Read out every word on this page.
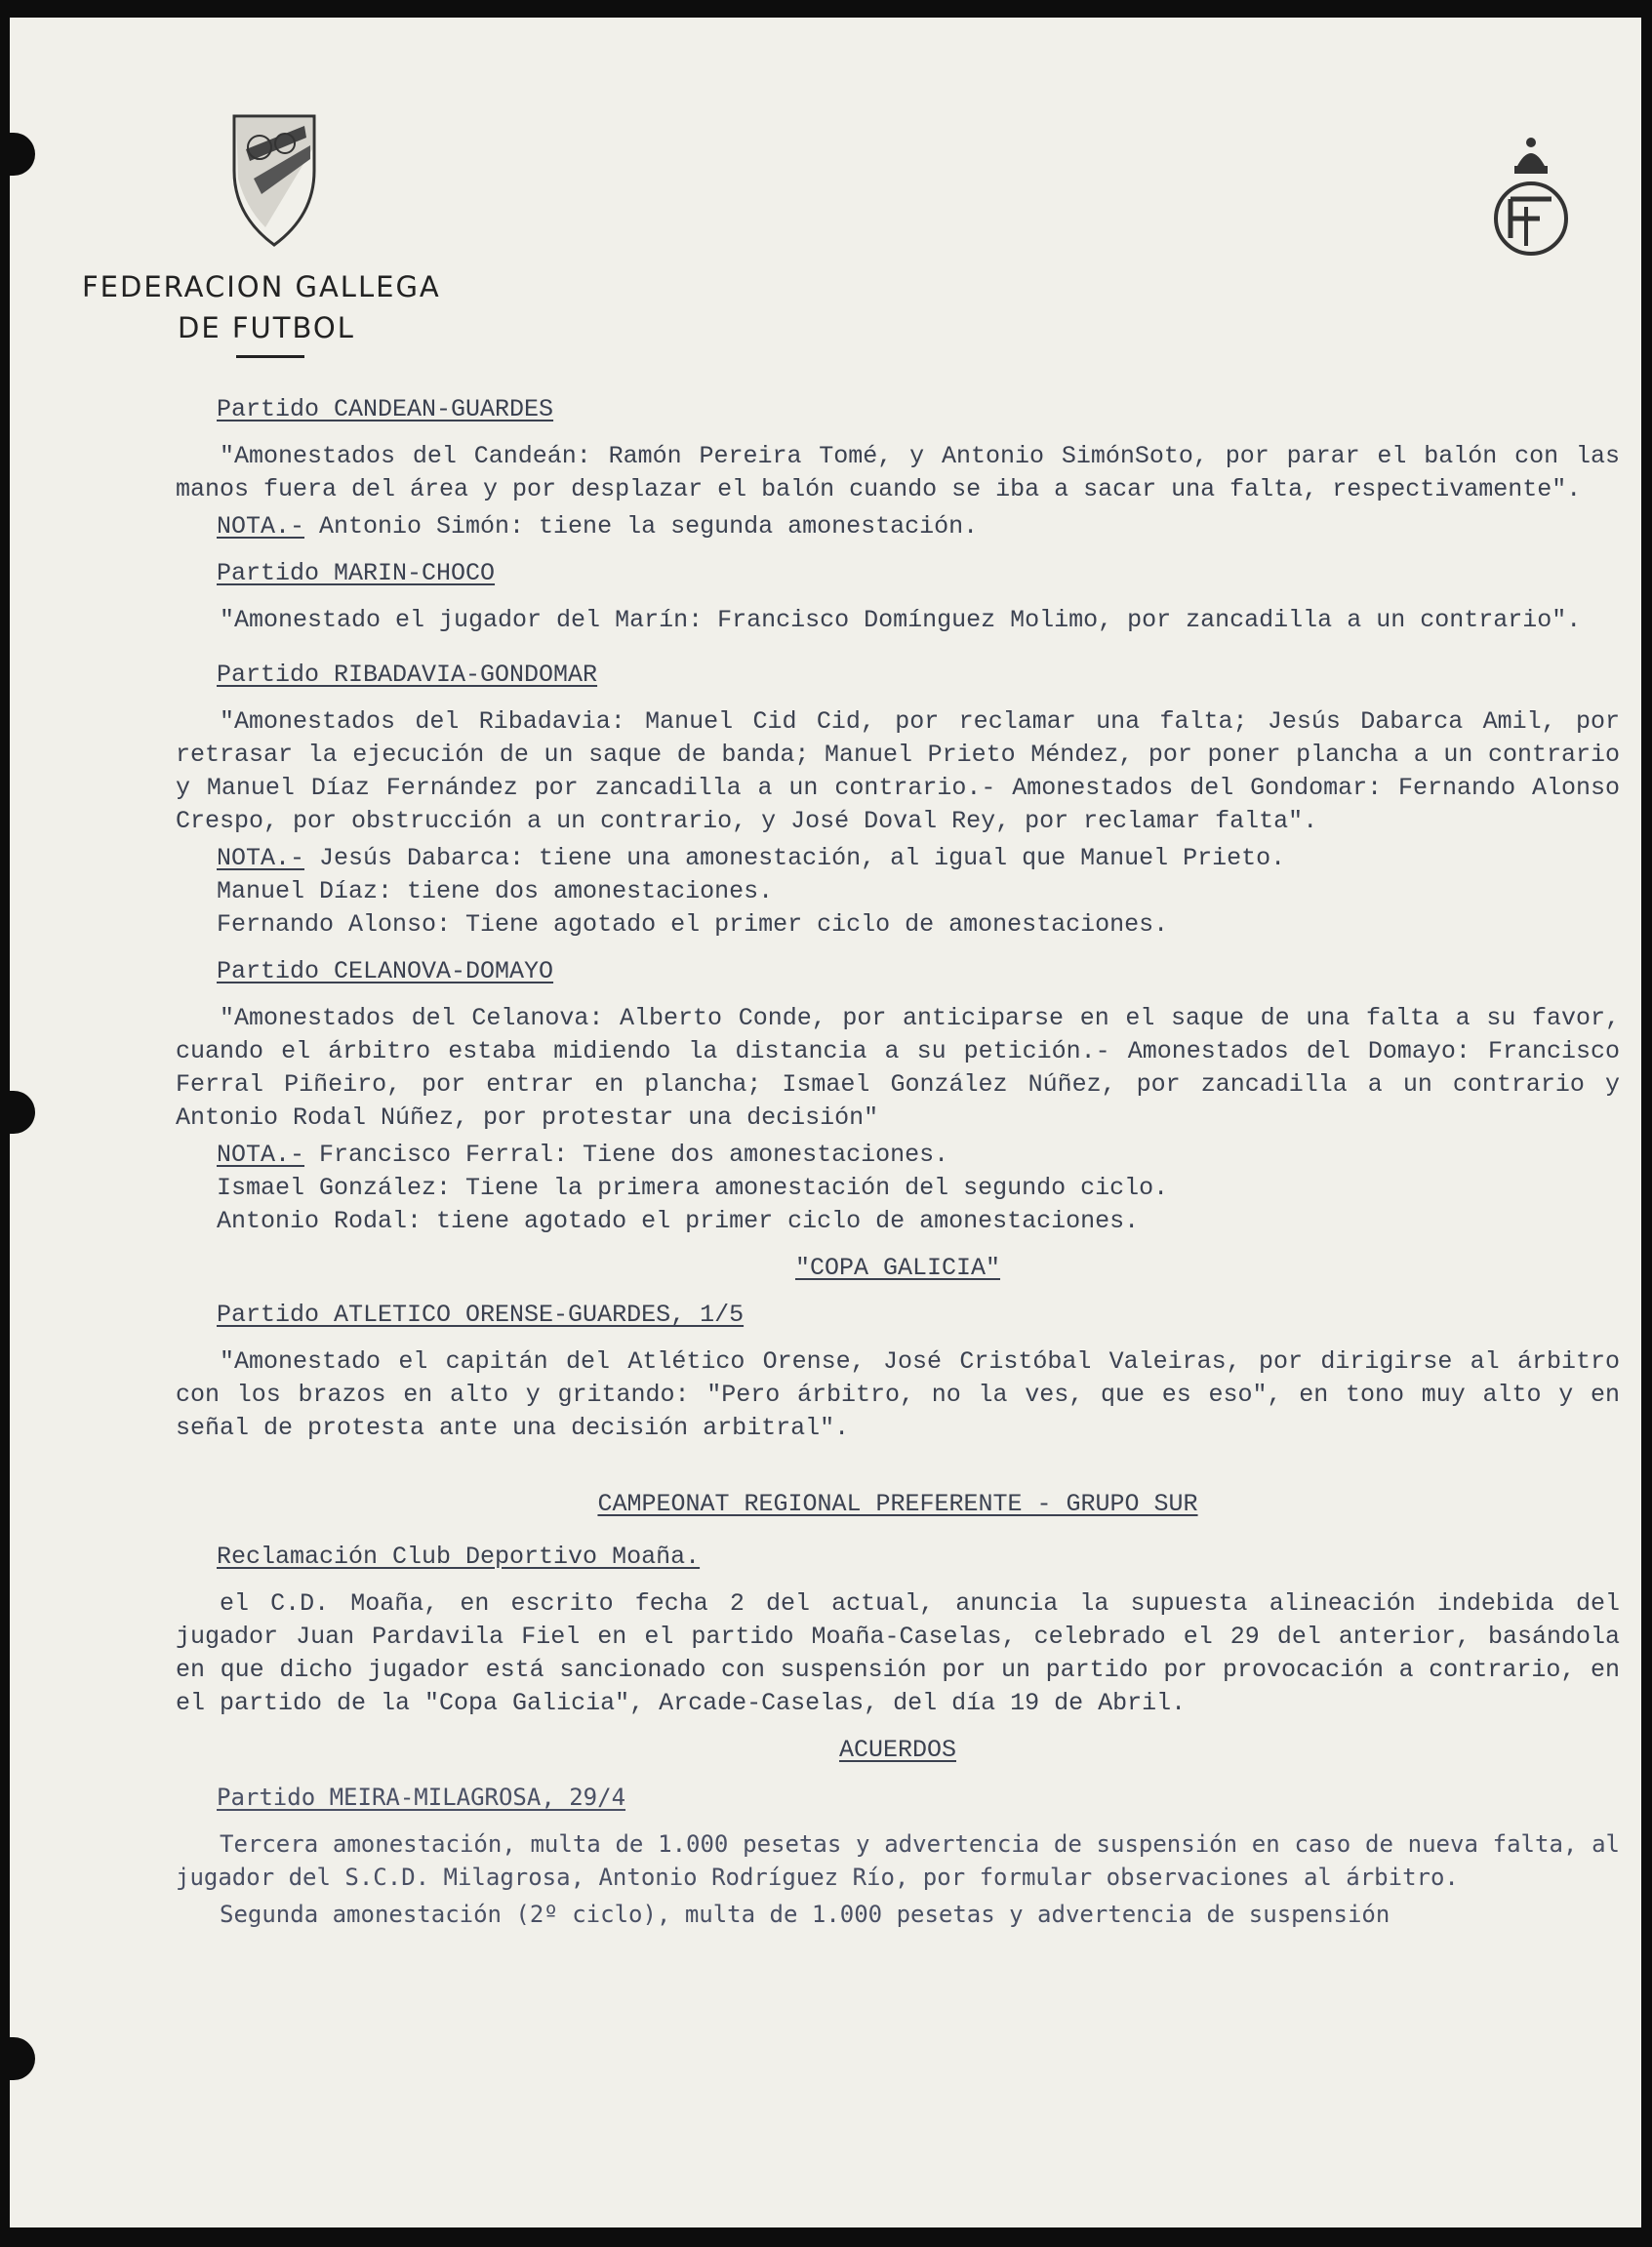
FEDERACION GALLEGA
DE FUTBOL
Partido CANDEAN-GUARDES
"Amonestados del Candeán: Ramón Pereira Tomé, y Antonio SimónSoto, por parar el balón con las manos fuera del área y por desplazar el balón cuando se iba a sacar una falta, respectivamente".
NOTA.- Antonio Simón: tiene la segunda amonestación.
Partido MARIN-CHOCO
"Amonestado el jugador del Marín: Francisco Domínguez Molimo, por zancadilla a un contrario".
Partido RIBADAVIA-GONDOMAR
"Amonestados del Ribadavia: Manuel Cid Cid, por reclamar una falta; Jesús Dabarca Amil, por retrasar la ejecución de un saque de banda; Manuel Prieto Méndez, por poner plancha a un contrario y Manuel Díaz Fernández por zancadilla a un contrario.- Amonestados del Gondomar: Fernando Alonso Crespo, por obstrucción a un contrario, y José Doval Rey, por reclamar falta".
NOTA.- Jesús Dabarca: tiene una amonestación, al igual que Manuel Prieto.
Manuel Díaz: tiene dos amonestaciones.
Fernando Alonso: Tiene agotado el primer ciclo de amonestaciones.
Partido CELANOVA-DOMAYO
"Amonestados del Celanova: Alberto Conde, por anticiparse en el saque de una falta a su favor, cuando el árbitro estaba midiendo la distancia a su petición.- Amonestados del Domayo: Francisco Ferral Piñeiro, por entrar en plancha; Ismael González Núñez, por zancadilla a un contrario y Antonio Rodal Núñez, por protestar una decisión"
NOTA.- Francisco Ferral: Tiene dos amonestaciones.
Ismael González: Tiene la primera amonestación del segundo ciclo.
Antonio Rodal: tiene agotado el primer ciclo de amonestaciones.
"COPA GALICIA"
Partido ATLETICO ORENSE-GUARDES, 1/5
"Amonestado el capitán del Atlético Orense, José Cristóbal Valeiras, por dirigirse al árbitro con los brazos en alto y gritando: "Pero árbitro, no la ves, que es eso", en tono muy alto y en señal de protesta ante una decisión arbitral".
CAMPEONAT REGIONAL PREFERENTE - GRUPO SUR
Reclamación Club Deportivo Moaña.
el C.D. Moaña, en escrito fecha 2 del actual, anuncia la supuesta alineación indebida del jugador Juan Pardavila Fiel en el partido Moaña-Caselas, celebrado el 29 del anterior, basándola en que dicho jugador está sancionado con suspensión por un partido por provocación a contrario, en el partido de la "Copa Galicia", Arcade-Caselas, del día 19 de Abril.
ACUERDOS
Partido MEIRA-MILAGROSA, 29/4
Tercera amonestación, multa de 1.000 pesetas y advertencia de suspensión en caso de nueva falta, al jugador del S.C.D. Milagrosa, Antonio Rodríguez Río, por formular observaciones al árbitro.
Segunda amonestación (2º ciclo), multa de 1.000 pesetas y advertencia de suspensión
